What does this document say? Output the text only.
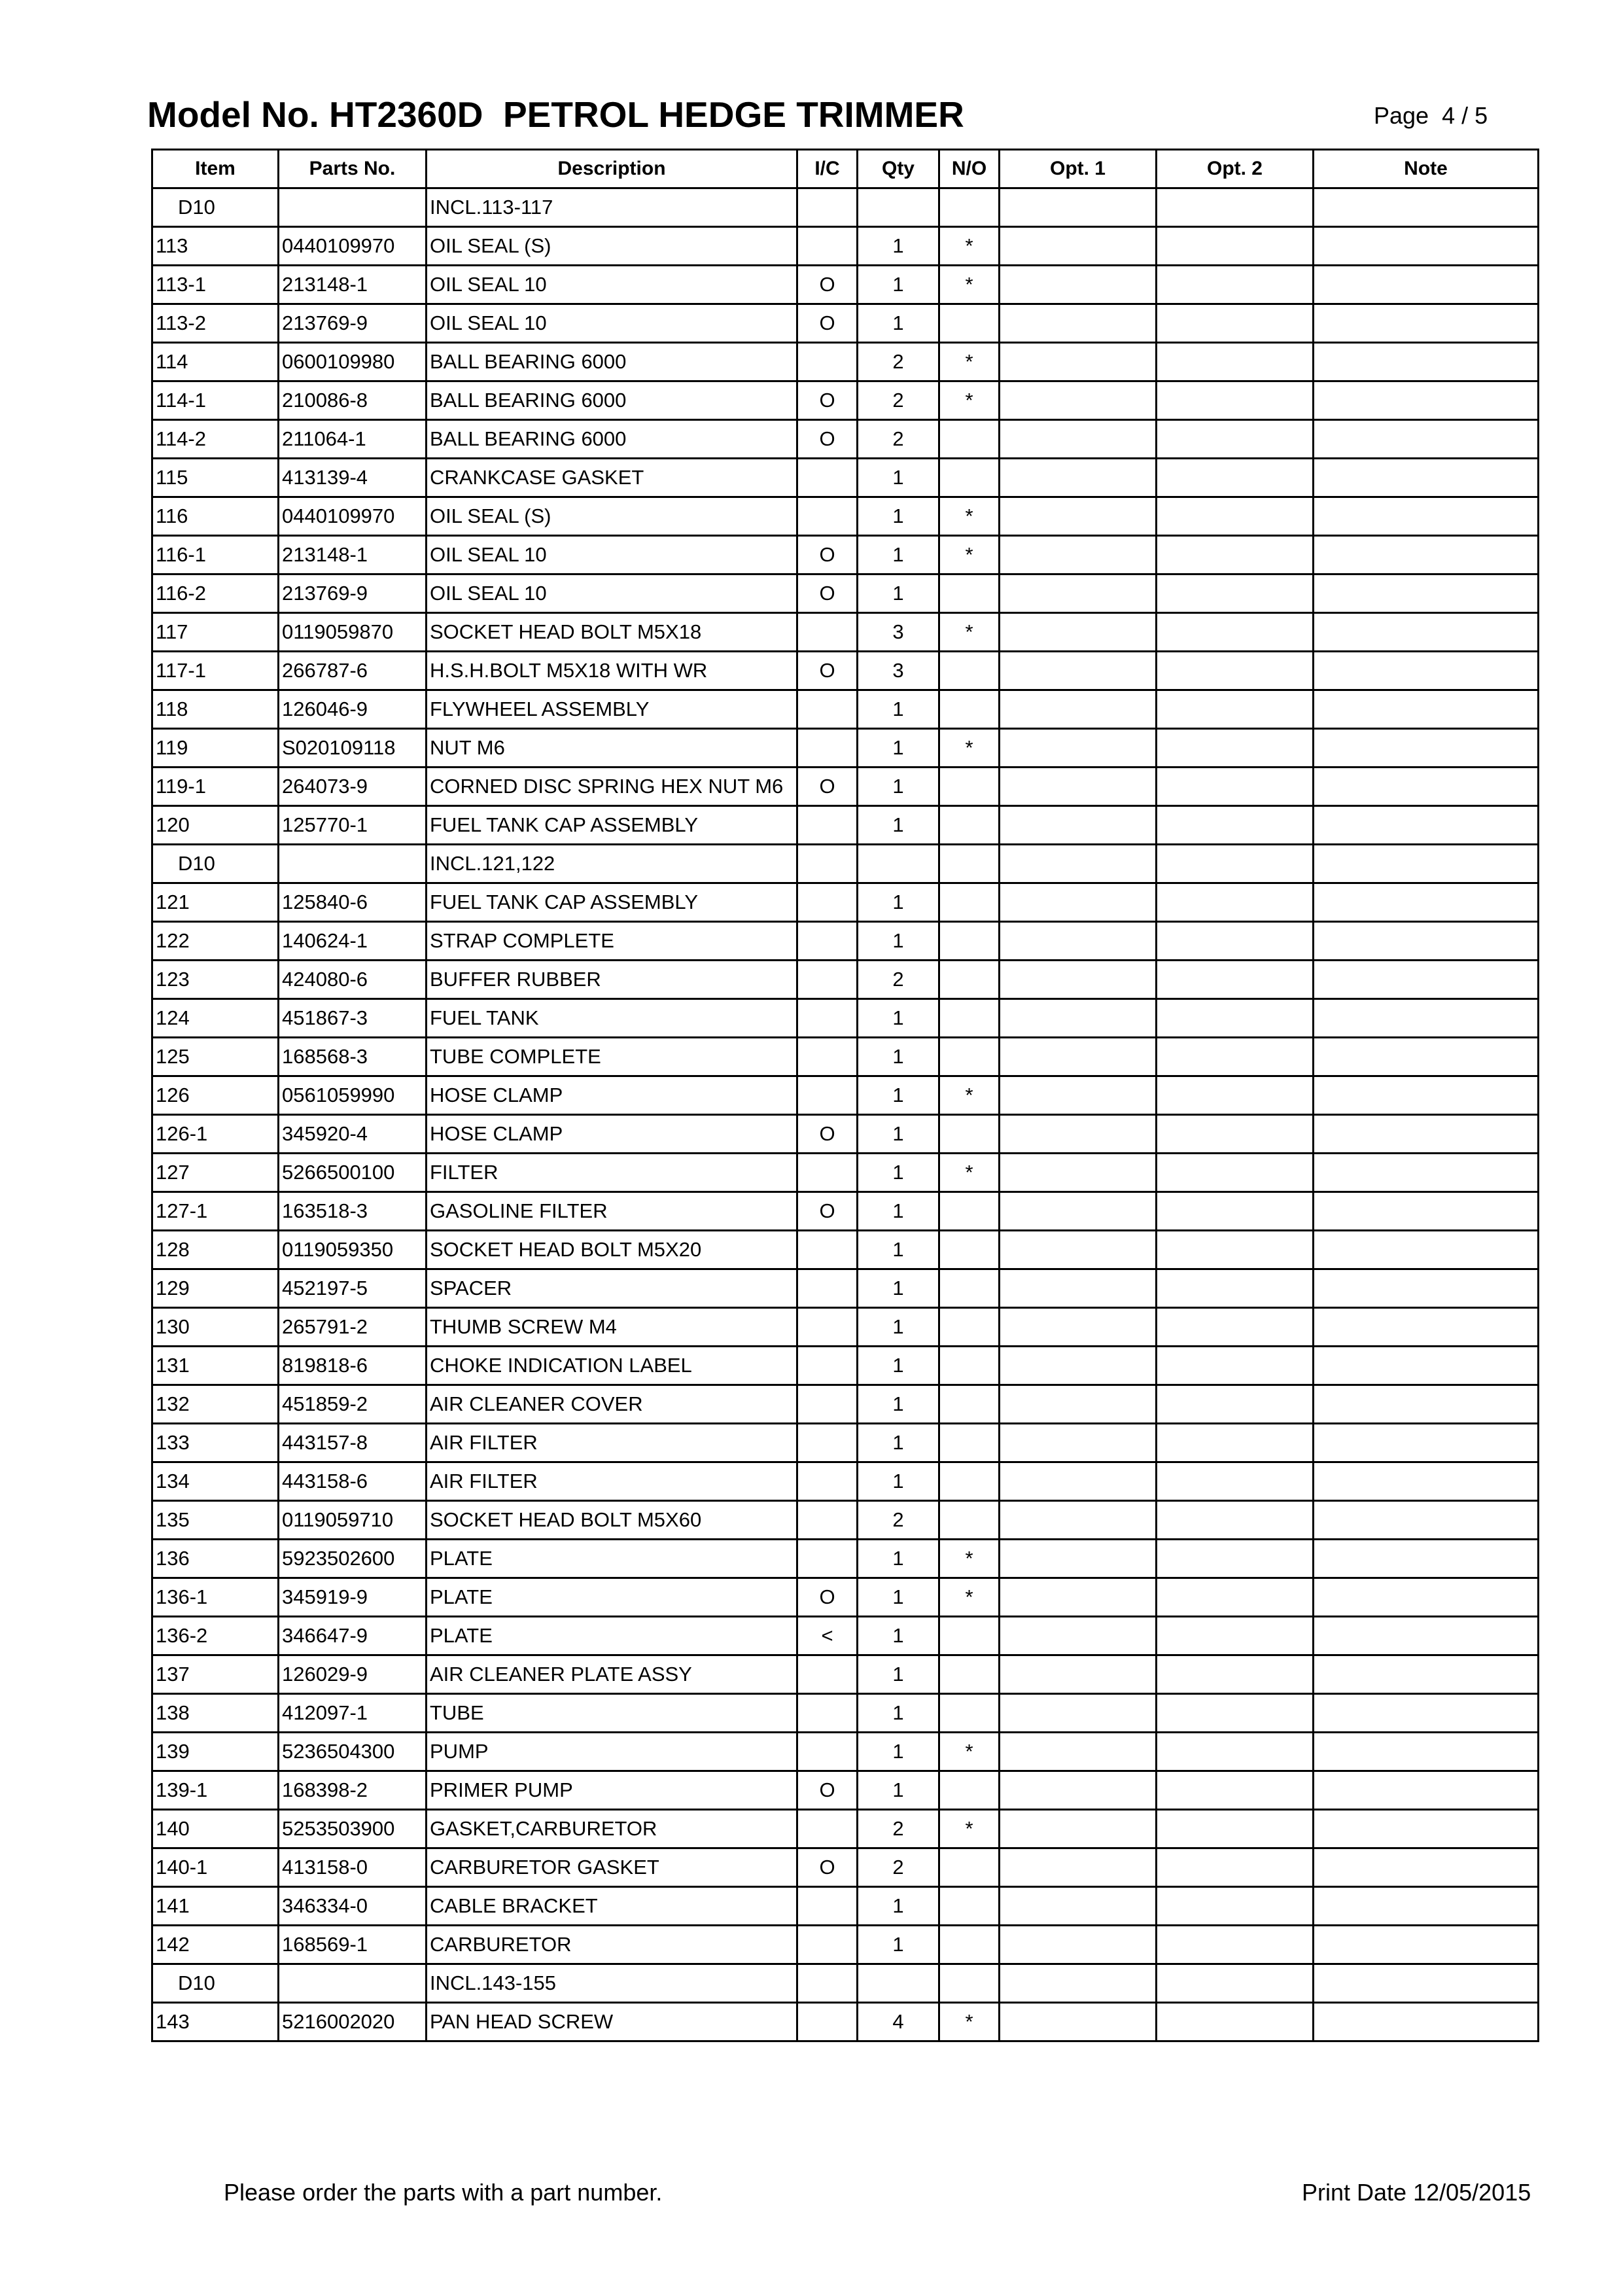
Model No. HT2360D  PETROL HEDGE TRIMMER	Page  4 / 5
Item	Parts No.	Description	I/C	Qty	N/O	Opt. 1	Opt. 2	Note
D10		INCL.113-117						
113	0440109970	OIL SEAL (S)		1	*			
113-1	213148-1	OIL SEAL 10	O	1	*			
113-2	213769-9	OIL SEAL 10	O	1				
114	0600109980	BALL BEARING 6000		2	*			
114-1	210086-8	BALL BEARING 6000	O	2	*			
114-2	211064-1	BALL BEARING 6000	O	2				
115	413139-4	CRANKCASE GASKET		1				
116	0440109970	OIL SEAL (S)		1	*			
116-1	213148-1	OIL SEAL 10	O	1	*			
116-2	213769-9	OIL SEAL 10	O	1				
117	0119059870	SOCKET HEAD BOLT M5X18		3	*			
117-1	266787-6	H.S.H.BOLT M5X18 WITH WR	O	3				
118	126046-9	FLYWHEEL ASSEMBLY		1				
119	S020109118	NUT M6		1	*			
119-1	264073-9	CORNED DISC SPRING HEX NUT M6	O	1				
120	125770-1	FUEL TANK CAP ASSEMBLY		1				
D10		INCL.121,122						
121	125840-6	FUEL TANK CAP ASSEMBLY		1				
122	140624-1	STRAP COMPLETE		1				
123	424080-6	BUFFER RUBBER		2				
124	451867-3	FUEL TANK		1				
125	168568-3	TUBE COMPLETE		1				
126	0561059990	HOSE CLAMP		1	*			
126-1	345920-4	HOSE CLAMP	O	1				
127	5266500100	FILTER		1	*			
127-1	163518-3	GASOLINE FILTER	O	1				
128	0119059350	SOCKET HEAD BOLT M5X20		1				
129	452197-5	SPACER		1				
130	265791-2	THUMB SCREW M4		1				
131	819818-6	CHOKE INDICATION LABEL		1				
132	451859-2	AIR CLEANER COVER		1				
133	443157-8	AIR FILTER		1				
134	443158-6	AIR FILTER		1				
135	0119059710	SOCKET HEAD BOLT M5X60		2				
136	5923502600	PLATE		1	*			
136-1	345919-9	PLATE	O	1	*			
136-2	346647-9	PLATE	<	1				
137	126029-9	AIR CLEANER PLATE ASSY		1				
138	412097-1	TUBE		1				
139	5236504300	PUMP		1	*			
139-1	168398-2	PRIMER PUMP	O	1				
140	5253503900	GASKET,CARBURETOR		2	*			
140-1	413158-0	CARBURETOR GASKET	O	2				
141	346334-0	CABLE BRACKET		1				
142	168569-1	CARBURETOR		1				
D10		INCL.143-155						
143	5216002020	PAN HEAD SCREW		4	*			
Please order the parts with a part number.	Print Date 12/05/2015
